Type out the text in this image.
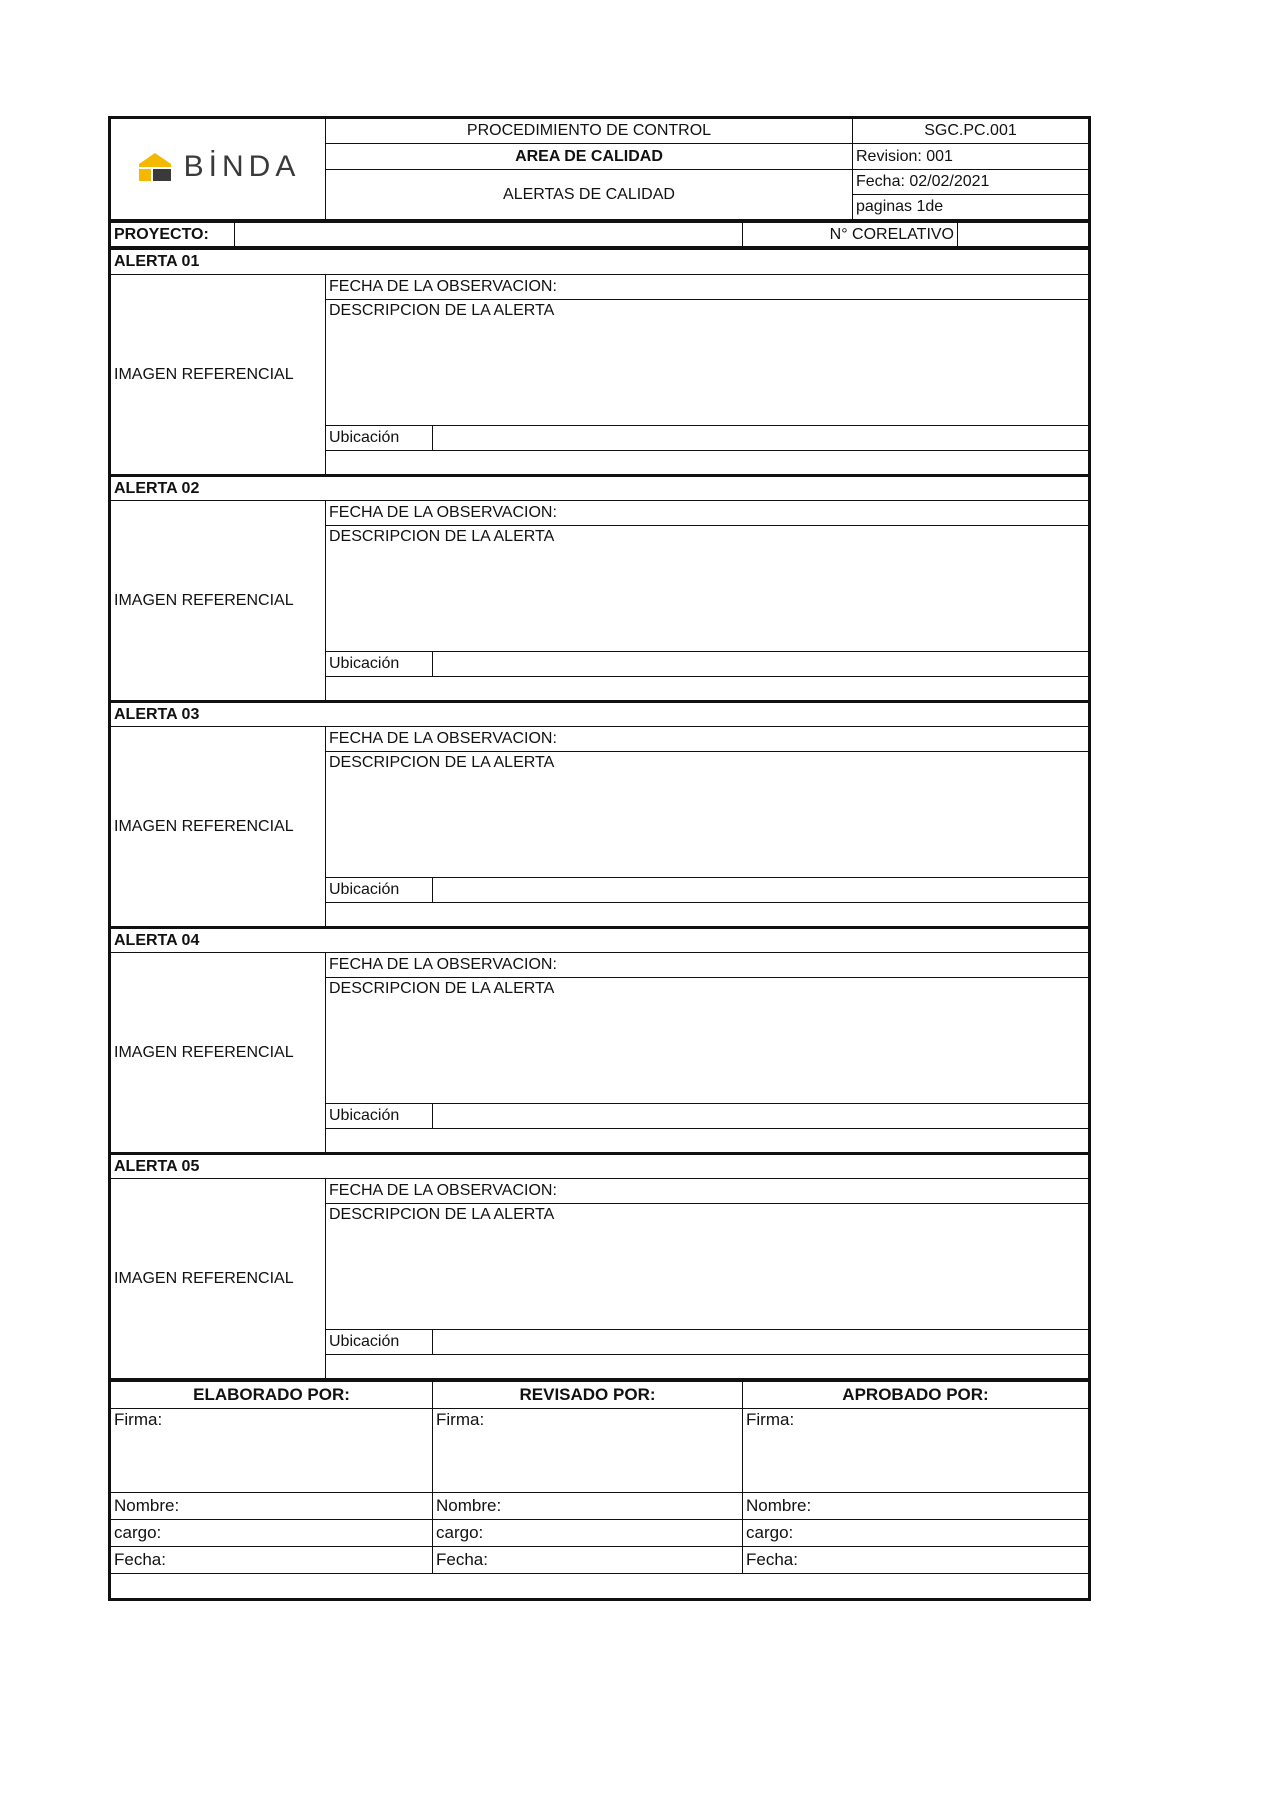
BİNDA	PROCEDIMIENTO DE CONTROL	SGC.PC.001
	AREA DE CALIDAD	Revision: 001
	ALERTAS DE CALIDAD	Fecha: 02/02/2021
		paginas 1de
PROYECTO:		N° CORELATIVO	
ALERTA 01		
IMAGEN REFERENCIAL	FECHA DE LA OBSERVACION:	
	DESCRIPCION DE LA ALERTA	
	Ubicación	

ALERTA 02		
IMAGEN REFERENCIAL	FECHA DE LA OBSERVACION:	
	DESCRIPCION DE LA ALERTA	
	Ubicación	

ALERTA 03		
IMAGEN REFERENCIAL	FECHA DE LA OBSERVACION:	
	DESCRIPCION DE LA ALERTA	
	Ubicación	

ALERTA 04		
IMAGEN REFERENCIAL	FECHA DE LA OBSERVACION:	
	DESCRIPCION DE LA ALERTA	
	Ubicación	

ALERTA 05		
IMAGEN REFERENCIAL	FECHA DE LA OBSERVACION:	
	DESCRIPCION DE LA ALERTA	
	Ubicación	

ELABORADO POR:	REVISADO POR:	APROBADO POR:
Firma:	Firma:	Firma:
Nombre:	Nombre:	Nombre:
cargo:	cargo:	cargo:
Fecha:	Fecha:	Fecha:
